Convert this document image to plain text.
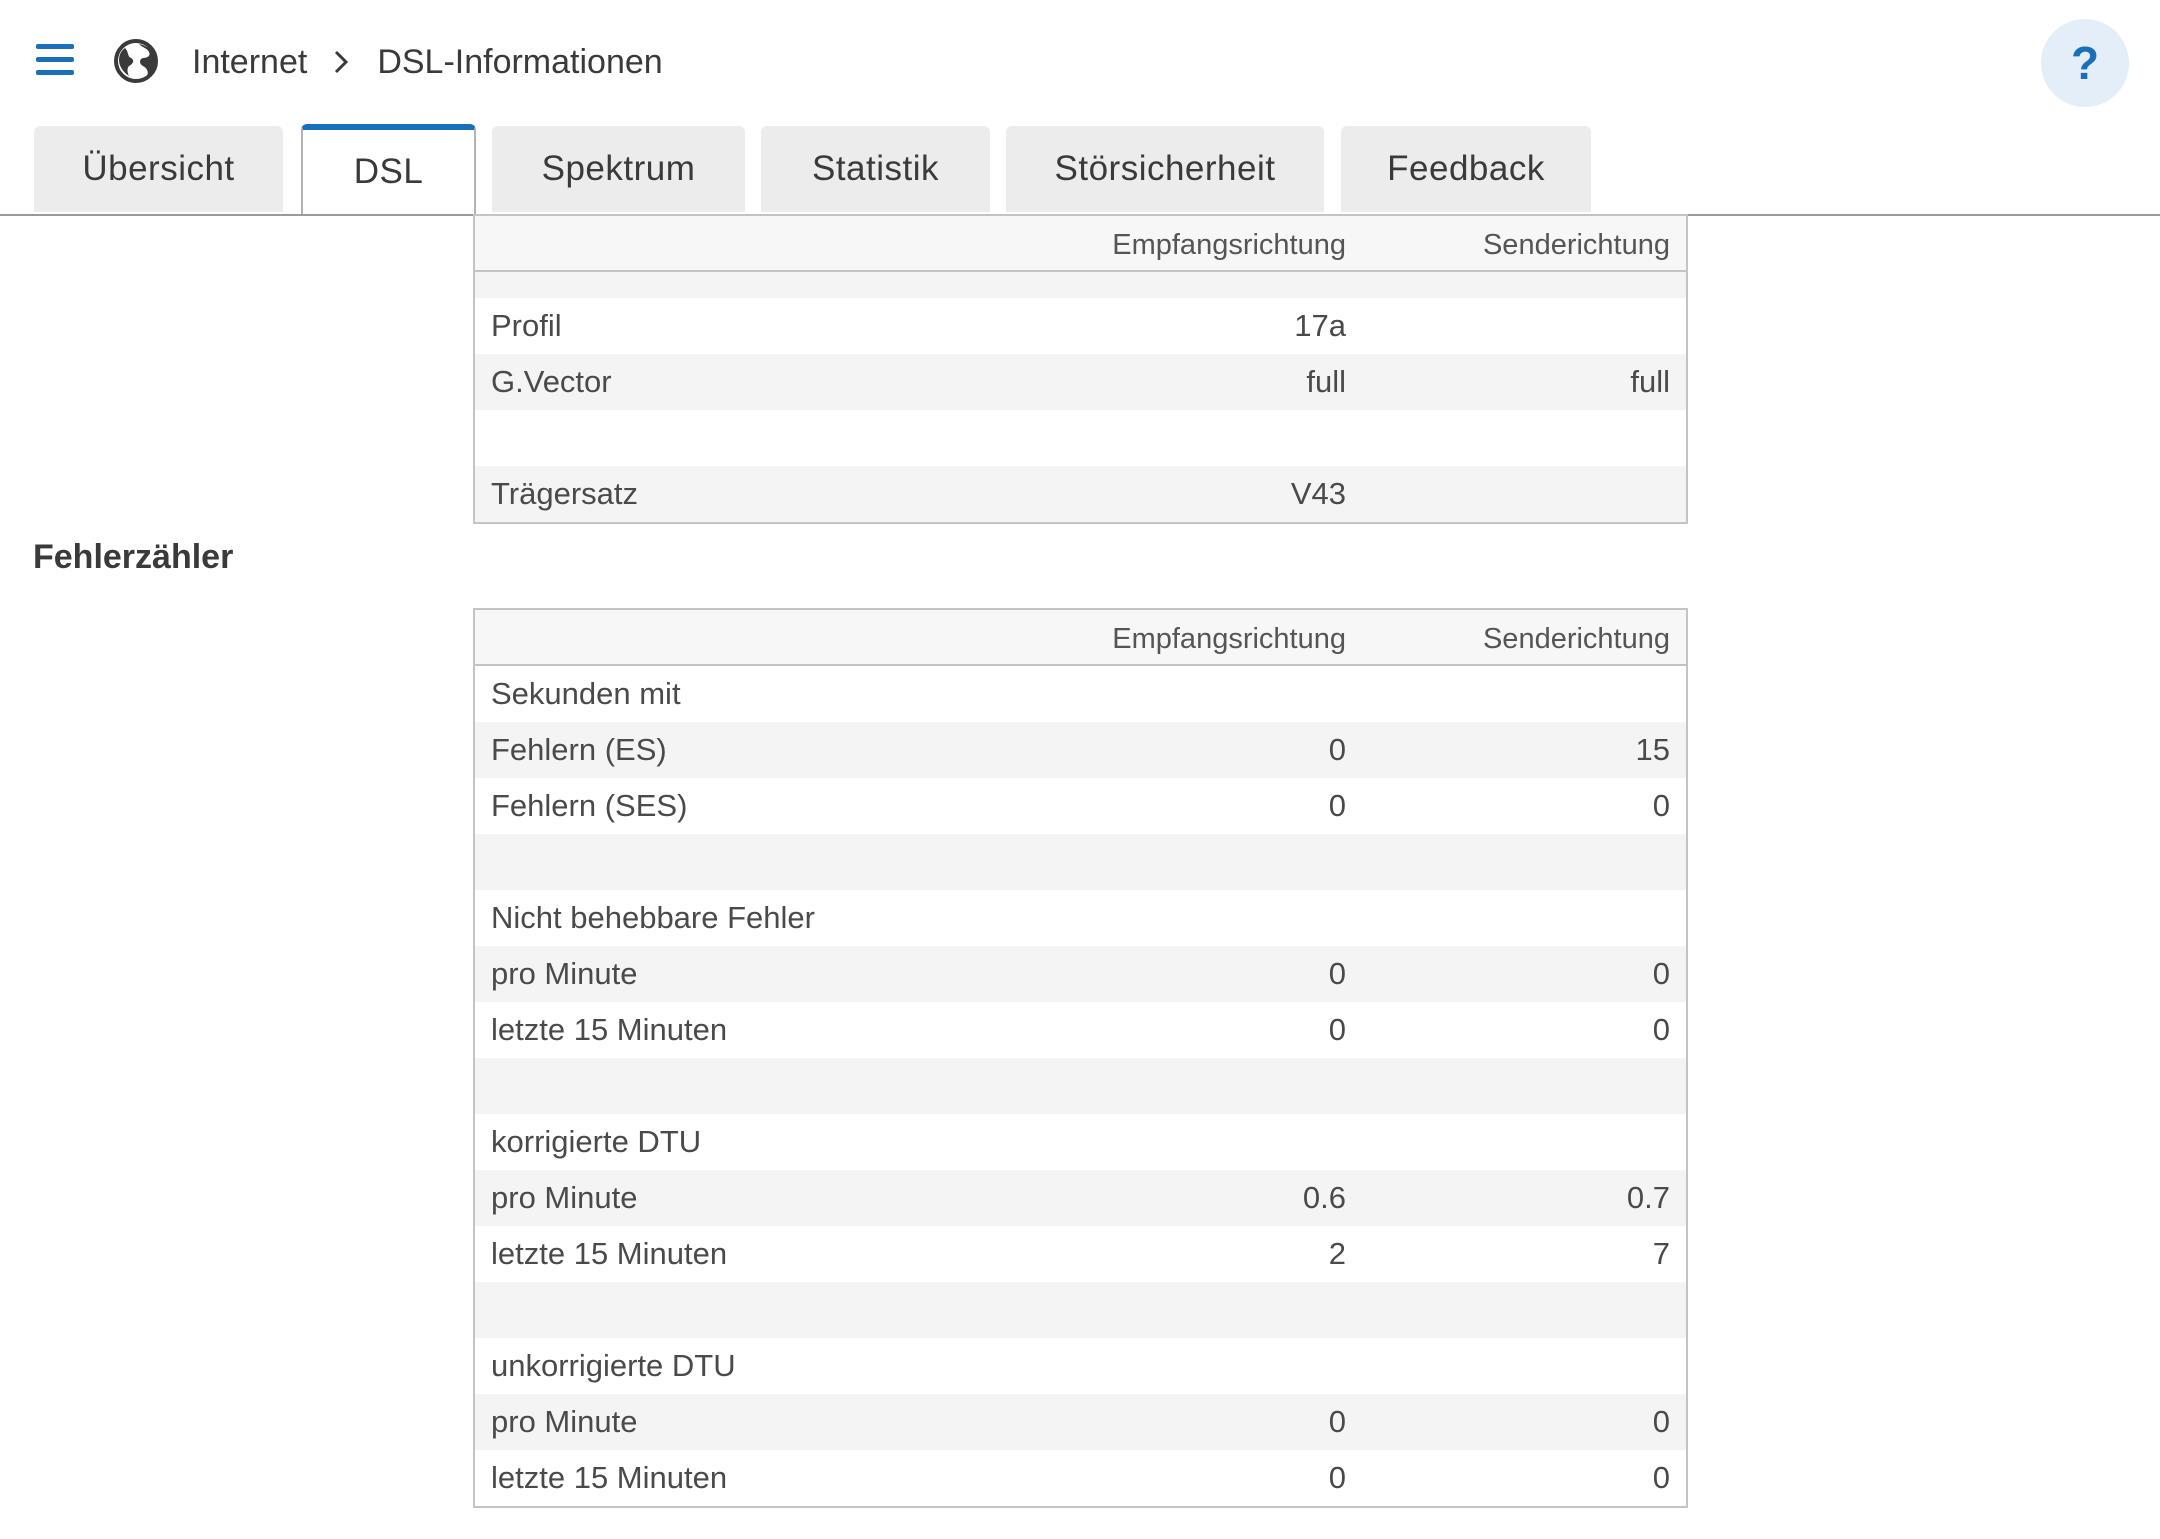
Internet DSL-Informationen	?
Übersicht	DSL	Spektrum	Statistik	Störsicherheit	Feedback
Empfangsrichtung	Senderichtung
Profil	17a
G.Vector	full	full
Trägersatz	V43
Fehlerzähler
Empfangsrichtung	Senderichtung
Sekunden mit
Fehlern (ES)	0	15
Fehlern (SES)	0	0
Nicht behebbare Fehler
pro Minute	0	0
letzte 15 Minuten	0	0
korrigierte DTU
pro Minute	0.6	0.7
letzte 15 Minuten	2	7
unkorrigierte DTU
pro Minute	0	0
letzte 15 Minuten	0	0
